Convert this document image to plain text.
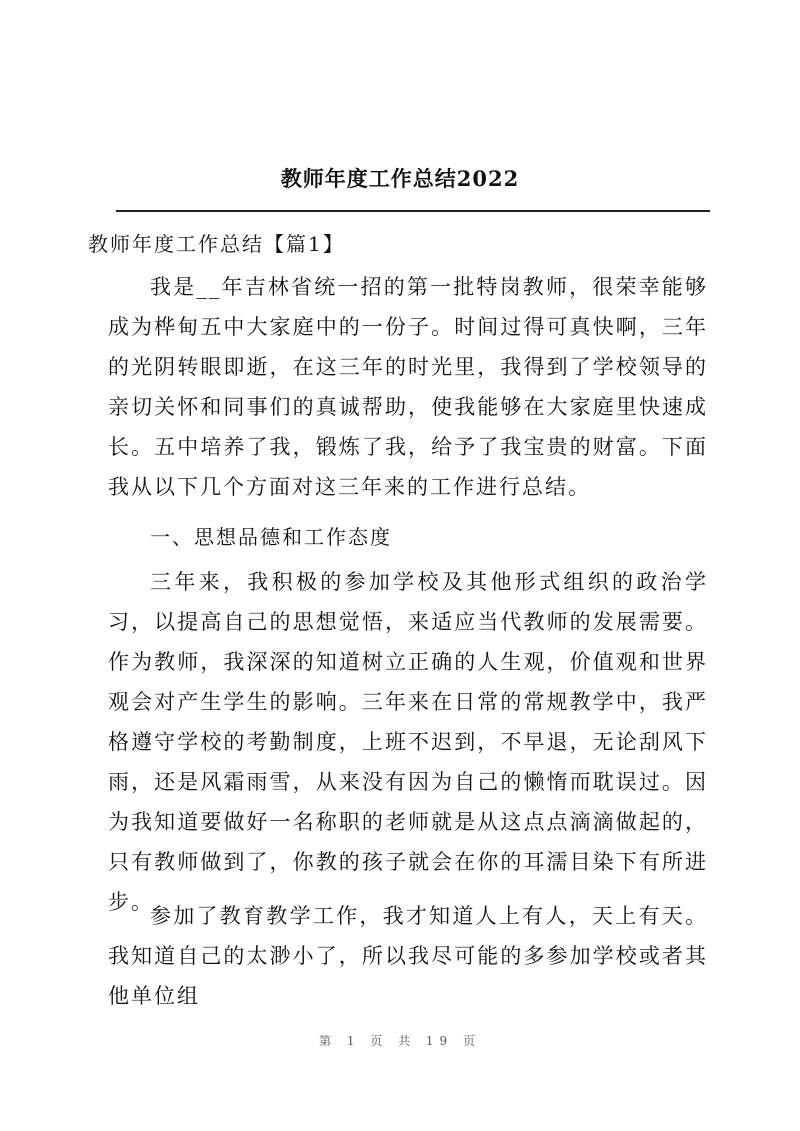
教师年度工作总结2022
教师年度工作总结【篇1】

我是__年吉林省统一招的第一批特岗教师，很荣幸能够成为桦甸五中大家庭中的一份子。时间过得可真快啊，三年的光阴转眼即逝，在这三年的时光里，我得到了学校领导的亲切关怀和同事们的真诚帮助，使我能够在大家庭里快速成长。五中培养了我，锻炼了我，给予了我宝贵的财富。下面我从以下几个方面对这三年来的工作进行总结。

一、思想品德和工作态度

三年来，我积极的参加学校及其他形式组织的政治学习，以提高自己的思想觉悟，来适应当代教师的发展需要。作为教师，我深深的知道树立正确的人生观，价值观和世界观会对产生学生的影响。三年来在日常的常规教学中，我严格遵守学校的考勤制度，上班不迟到，不早退，无论刮风下雨，还是风霜雨雪，从来没有因为自己的懒惰而耽误过。因为我知道要做好一名称职的老师就是从这点点滴滴做起的，只有教师做到了，你教的孩子就会在你的耳濡目染下有所进步。

参加了教育教学工作，我才知道人上有人，天上有天。我知道自己的太渺小了，所以我尽可能的多参加学校或者其他单位组

第 1 页 共 19 页
